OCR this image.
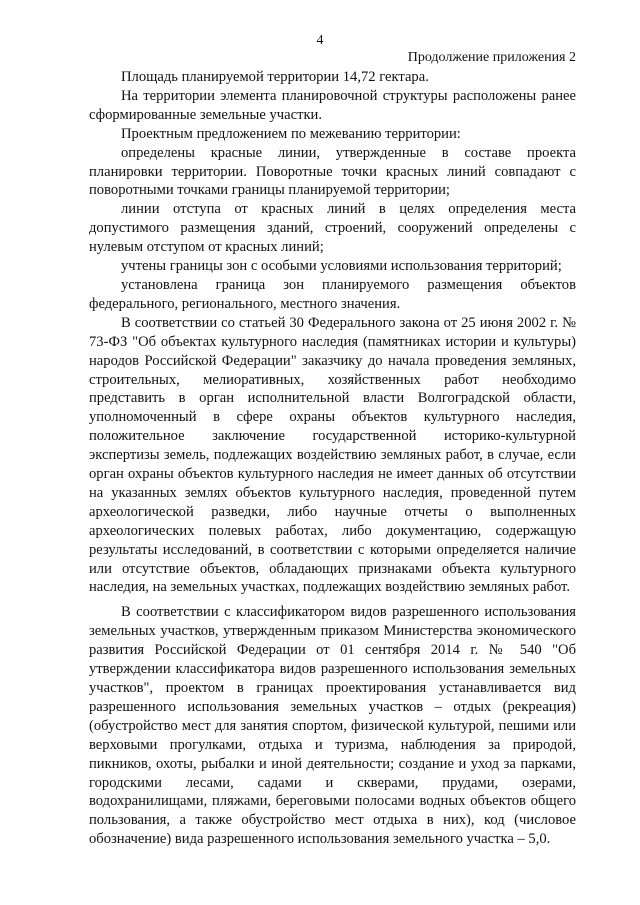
4
Продолжение приложения 2

Площадь планируемой территории 14,72 гектара.

На территории элемента планировочной структуры расположены ранее сформированные земельные участки.

Проектным предложением по межеванию территории:

определены красные линии, утвержденные в составе проекта планировки территории. Поворотные точки красных линий совпадают с поворотными точками границы планируемой территории;

линии отступа от красных линий в целях определения места допустимого размещения зданий, строений, сооружений определены с нулевым отступом от красных линий;

учтены границы зон с особыми условиями использования территорий;

установлена граница зон планируемого размещения объектов федерального, регионального, местного значения.

В соответствии со статьей 30 Федерального закона от 25 июня 2002 г. № 73-ФЗ "Об объектах культурного наследия (памятниках истории и культуры) народов Российской Федерации" заказчику до начала проведения земляных, строительных, мелиоративных, хозяйственных работ необходимо представить в орган исполнительной власти Волгоградской области, уполномоченный в сфере охраны объектов культурного наследия, положительное заключение государственной историко-культурной экспертизы земель, подлежащих воздействию земляных работ, в случае, если орган охраны объектов культурного наследия не имеет данных об отсутствии на указанных землях объектов культурного наследия, проведенной путем археологической разведки, либо научные отчеты о выполненных археологических полевых работах, либо документацию, содержащую результаты исследований, в соответствии с которыми определяется наличие или отсутствие объектов, обладающих признаками объекта культурного наследия, на земельных участках, подлежащих воздействию земляных работ.

В соответствии с классификатором видов разрешенного использования земельных участков, утвержденным приказом Министерства экономического развития Российской Федерации от 01 сентября 2014 г. № 540 "Об утверждении классификатора видов разрешенного использования земельных участков", проектом в границах проектирования устанавливается вид разрешенного использования земельных участков – отдых (рекреация) (обустройство мест для занятия спортом, физической культурой, пешими или верховыми прогулками, отдыха и туризма, наблюдения за природой, пикников, охоты, рыбалки и иной деятельности; создание и уход за парками, городскими лесами, садами и скверами, прудами, озерами, водохранилищами, пляжами, береговыми полосами водных объектов общего пользования, а также обустройство мест отдыха в них), код (числовое обозначение) вида разрешенного использования земельного участка – 5,0.
